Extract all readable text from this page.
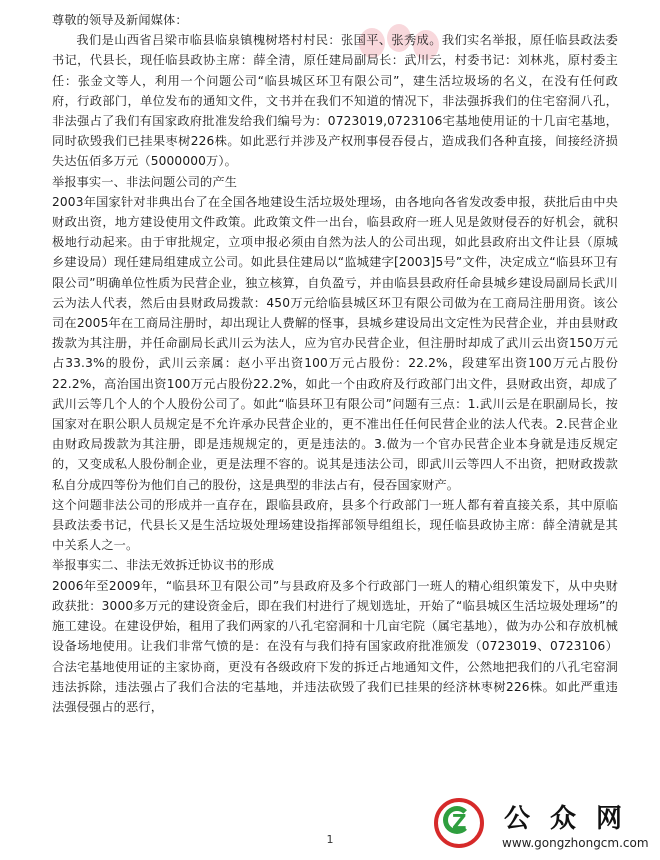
尊敬的领导及新闻媒体：

我们是山西省吕梁市临县临泉镇槐树塔村村民：张国平、张秀成。我们实名举报，原任临县政法委书记，代县长，现任临县政协主席：薛全清，原任建局副局长：武川云，村委书记：刘林兆，原村委主任：张金文等人，利用一个问题公司“临县城区环卫有限公司”，建生活垃圾场的名义，在没有任何政府，行政部门，单位发布的通知文件，文书并在我们不知道的情况下，非法强拆我们的住宅窑洞八孔，非法强占了我们有国家政府批准发给我们编号为：0723019,0723106宅基地使用证的十几亩宅基地，同时砍毁我们已挂果枣树226株。如此恶行并涉及产权刑事侵吞侵占，造成我们各种直接，间接经济损失达伍佰多万元（5000000万）。

举报事实一、非法问题公司的产生

2003年国家针对非典出台了在全国各地建设生活垃圾处理场，由各地向各省发改委申报，获批后由中央财政出资，地方建设使用文件政策。此政策文件一出台，临县政府一班人见是敛财侵吞的好机会，就积极地行动起来。由于审批规定，立项申报必须由自然为法人的公司出现，如此县政府出文件让县（原城乡建设局）现任建局组建成立公司。如此县住建局以“监城建字[2003]5号”文件，决定成立“临县环卫有限公司”明确单位性质为民营企业，独立核算，自负盈亏，并由临县县政府任命县城乡建设局副局长武川云为法人代表，然后由县财政局拨款：450万元给临县城区环卫有限公司做为在工商局注册用资。该公司在2005年在工商局注册时，却出现让人费解的怪事，县城乡建设局出文定性为民营企业，并由县财政拨款为其注册，并任命副局长武川云为法人，应为官办民营企业，但注册时却成了武川云出资150万元占33.3%的股份，武川云亲属：赵小平出资100万元占股份：22.2%，段建军出资100万元占股份22.2%，高治国出资100万元占股份22.2%，如此一个由政府及行政部门出文件，县财政出资，却成了武川云等几个人的个人股份公司了。如此“临县环卫有限公司”问题有三点：1.武川云是在职副局长，按国家对在职公职人员规定是不允许承办民营企业的，更不准出任任何民营企业的法人代表。2.民营企业由财政局拨款为其注册，即是违规规定的，更是违法的。3.做为一个官办民营企业本身就是违反规定的，又变成私人股份制企业，更是法理不容的。说其是违法公司，即武川云等四人不出资，把财政拨款私自分成四等份为他们自己的股份，这是典型的非法占有，侵吞国家财产。

这个问题非法公司的形成并一直存在，跟临县政府，县多个行政部门一班人都有着直接关系，其中原临县政法委书记，代县长又是生活垃圾处理场建设指挥部领导组组长，现任临县政协主席：薛全清就是其中关系人之一。

举报事实二、非法无效拆迁协议书的形成

2006年至2009年，“临县环卫有限公司”与县政府及多个行政部门一班人的精心组织策发下，从中央财政获批：3000多万元的建设资金后，即在我们村进行了规划选址，开始了“临县城区生活垃圾处理场”的施工建设。在建设伊始，租用了我们两家的八孔宅窑洞和十几亩宅院（属宅基地），做为办公和存放机械设备场地使用。让我们非常气愤的是：在没有与我们持有国家政府批准颁发（0723019、0723106）合法宅基地使用证的主家协商，更没有各级政府下发的拆迁占地通知文件，公然地把我们的八孔宅窑洞违法拆除，违法强占了我们合法的宅基地，并违法砍毁了我们已挂果的经济林枣树226株。如此严重违法强侵强占的恶行，

1
Z 公众网
www.gongzhongcm.com
